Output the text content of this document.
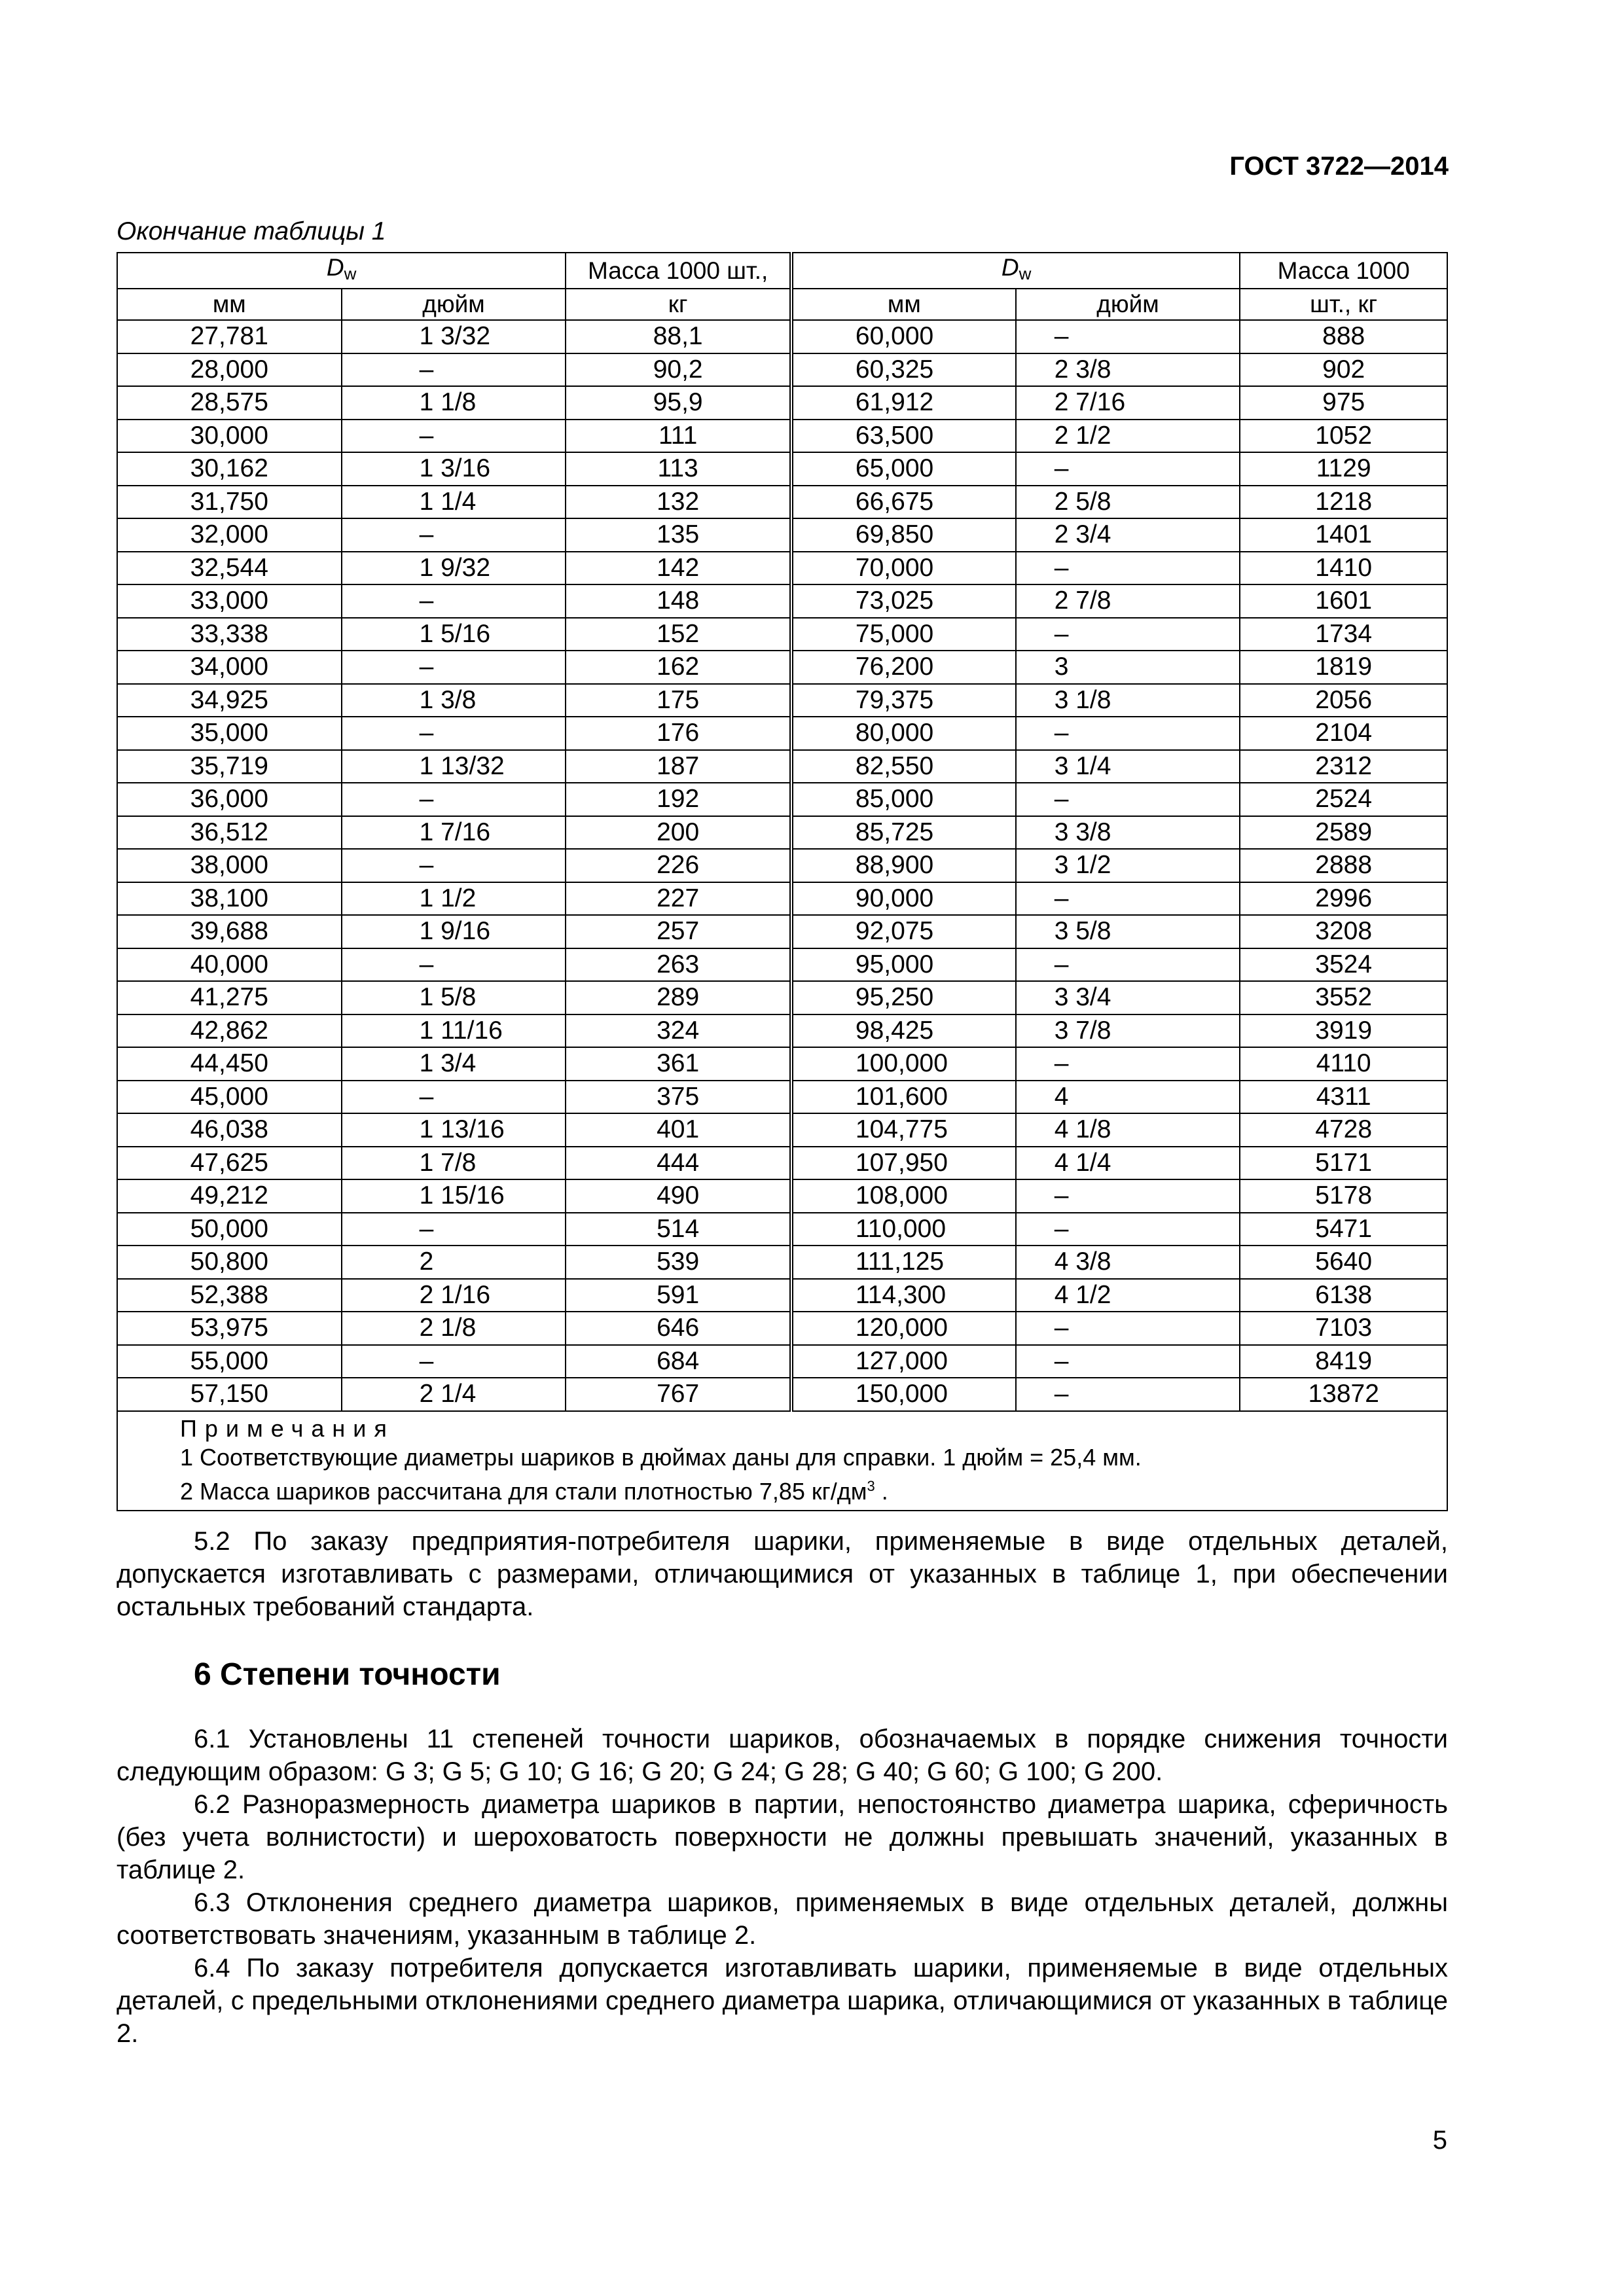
ГОСТ 3722—2014
Окончание таблицы 1
$D_w$		Масса 1000 шт.,	$D_w$		Масса 1000
мм	дюйм	кг	мм	дюйм	шт., кг
27,781	1 3/32	88,1	60,000	–	888
28,000	–	90,2	60,325	2 3/8	902
28,575	1 1/8	95,9	61,912	2 7/16	975
30,000	–	111	63,500	2 1/2	1052
30,162	1 3/16	113	65,000	–	1129
31,750	1 1/4	132	66,675	2 5/8	1218
32,000	–	135	69,850	2 3/4	1401
32,544	1 9/32	142	70,000	–	1410
33,000	–	148	73,025	2 7/8	1601
33,338	1 5/16	152	75,000	–	1734
34,000	–	162	76,200	3	1819
34,925	1 3/8	175	79,375	3 1/8	2056
35,000	–	176	80,000	–	2104
35,719	1 13/32	187	82,550	3 1/4	2312
36,000	–	192	85,000	–	2524
36,512	1 7/16	200	85,725	3 3/8	2589
38,000	–	226	88,900	3 1/2	2888
38,100	1 1/2	227	90,000	–	2996
39,688	1 9/16	257	92,075	3 5/8	3208
40,000	–	263	95,000	–	3524
41,275	1 5/8	289	95,250	3 3/4	3552
42,862	1 11/16	324	98,425	3 7/8	3919
44,450	1 3/4	361	100,000	–	4110
45,000	–	375	101,600	4	4311
46,038	1 13/16	401	104,775	4 1/8	4728
47,625	1 7/8	444	107,950	4 1/4	5171
49,212	1 15/16	490	108,000	–	5178
50,000	–	514	110,000	–	5471
50,800	2	539	111,125	4 3/8	5640
52,388	2 1/16	591	114,300	4 1/2	6138
53,975	2 1/8	646	120,000	–	7103
55,000	–	684	127,000	–	8419
57,150	2 1/4	767	150,000	–	13872

Примечания
1 Соответствующие диаметры шариков в дюймах даны для справки. 1 дюйм = 25,4 мм.
2 Масса шариков рассчитана для стали плотностью 7,85 $кг/дм^3$ .					

5.2 По заказу предприятия-потребителя шарики, применяемые в виде отдельных деталей, допускается изготавливать с размерами, отличающимися от указанных в таблице 1, при обеспечении остальных требований стандарта.

6 Степени точности

6.1 Установлены 11 степеней точности шариков, обозначаемых в порядке снижения точности следующим образом: G 3; G 5; G 10; G 16; G 20; G 24; G 28; G 40; G 60; G 100; G 200.

6.2 Разноразмерность диаметра шариков в партии, непостоянство диаметра шарика, сферичность (без учета волнистости) и шероховатость поверхности не должны превышать значений, указанных в таблице 2.

6.3 Отклонения среднего диаметра шариков, применяемых в виде отдельных деталей, должны соответствовать значениям, указанным в таблице 2.

6.4 По заказу потребителя допускается изготавливать шарики, применяемые в виде отдельных деталей, с предельными отклонениями среднего диаметра шарика, отличающимися от указанных в таблице 2.

5
